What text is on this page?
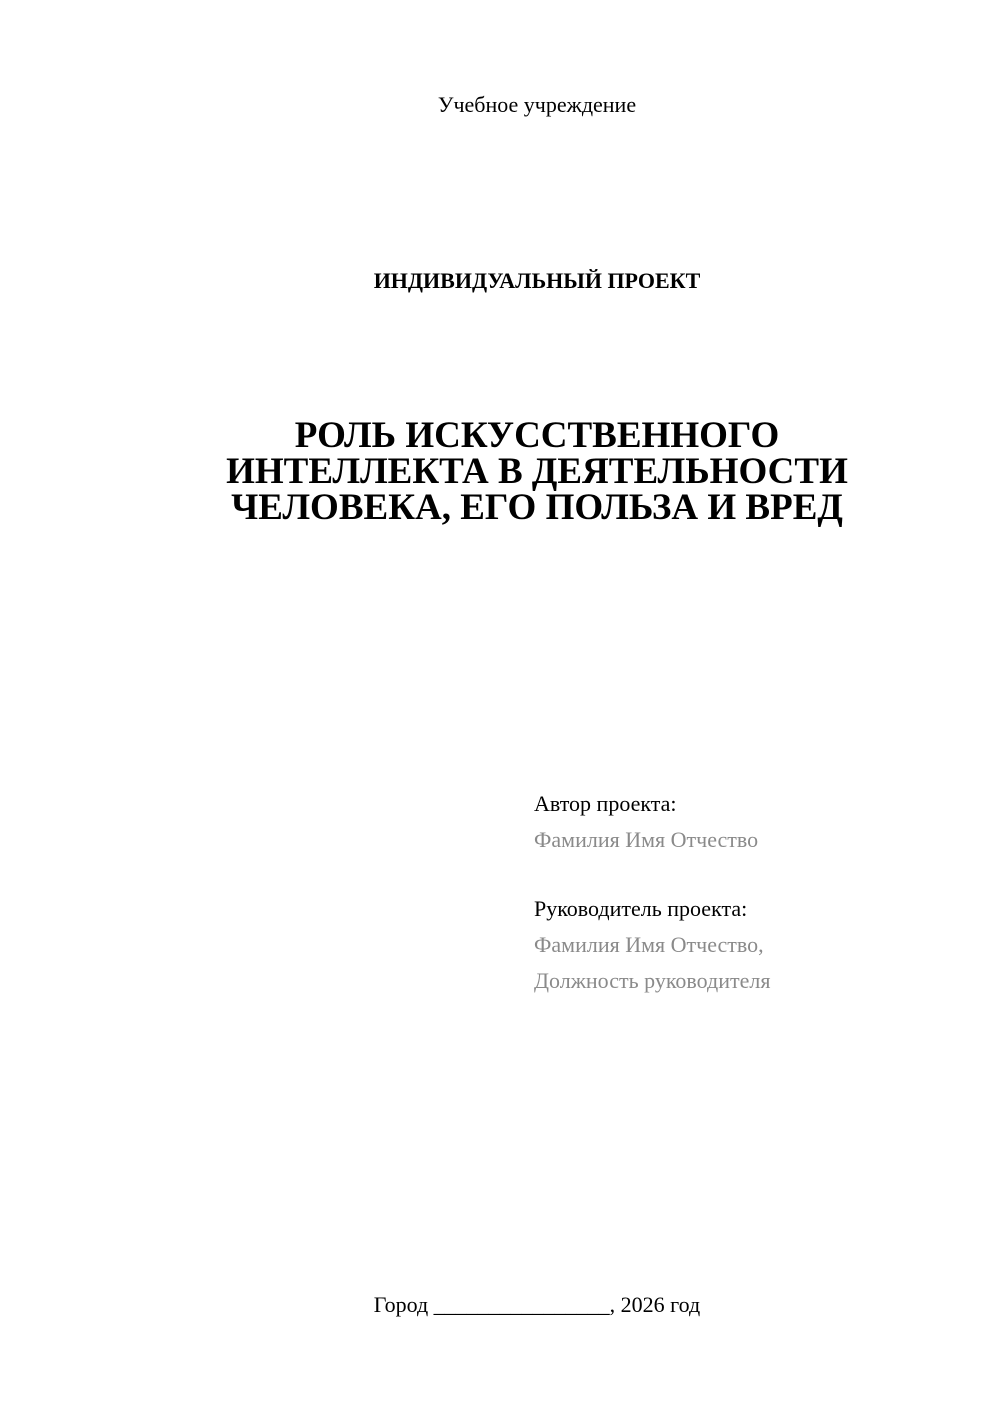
Учебное учреждение
ИНДИВИДУАЛЬНЫЙ ПРОЕКТ
РОЛЬ ИСКУССТВЕННОГО
ИНТЕЛЛЕКТА В ДЕЯТЕЛЬНОСТИ
ЧЕЛОВЕКА, ЕГО ПОЛЬЗА И ВРЕД
Автор проекта:
Фамилия Имя Отчество
Руководитель проекта:
Фамилия Имя Отчество,
Должность руководителя
Город ________________, 2026 год
